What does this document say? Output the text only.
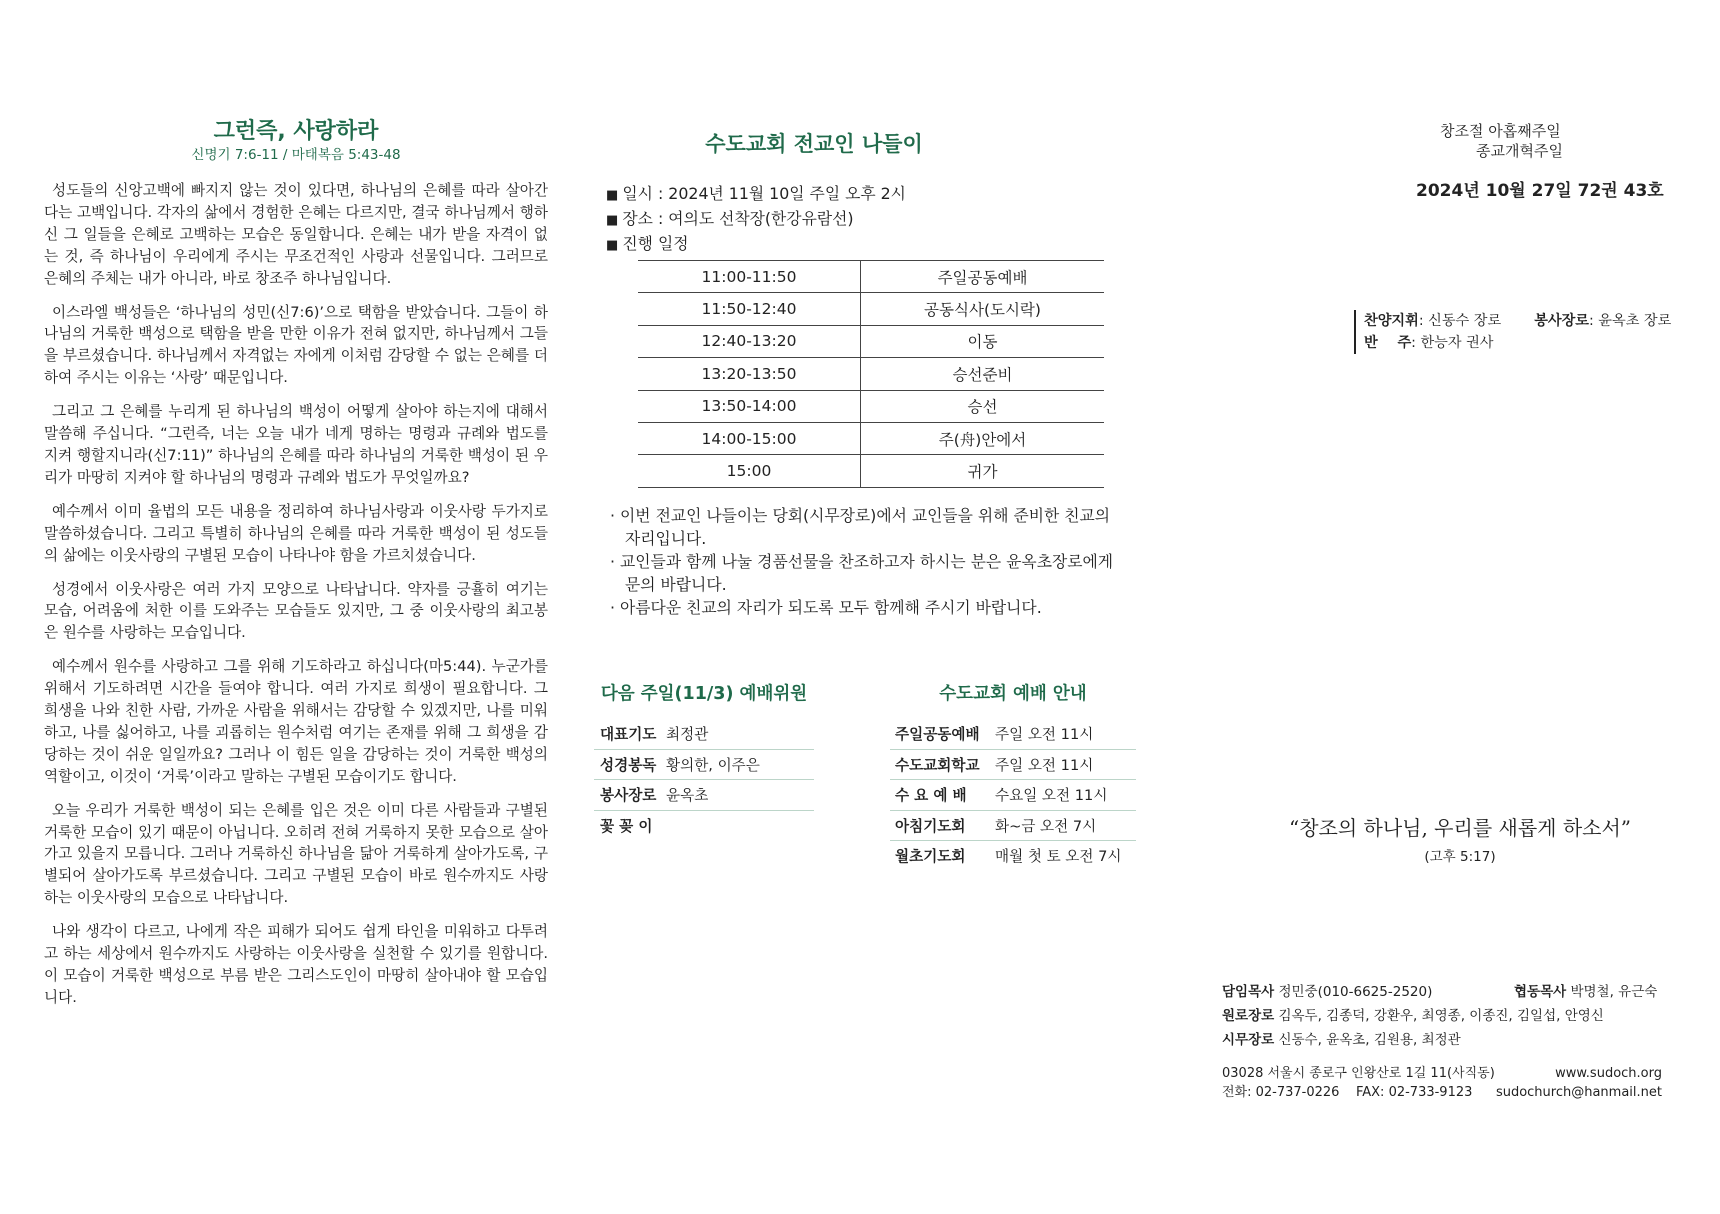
그런즉, 사랑하라
신명기 7:6-11 / 마태복음 5:43-48

성도들의 신앙고백에 빠지지 않는 것이 있다면, 하나님의 은혜를 따라 살아간다는 고백입니다. 각자의 삶에서 경험한 은혜는 다르지만, 결국 하나님께서 행하신 그 일들을 은혜로 고백하는 모습은 동일합니다. 은혜는 내가 받을 자격이 없는 것, 즉 하나님이 우리에게 주시는 무조건적인 사랑과 선물입니다. 그러므로 은혜의 주체는 내가 아니라, 바로 창조주 하나님입니다.

이스라엘 백성들은 ‘하나님의 성민(신7:6)’으로 택함을 받았습니다. 그들이 하나님의 거룩한 백성으로 택함을 받을 만한 이유가 전혀 없지만, 하나님께서 그들을 부르셨습니다. 하나님께서 자격없는 자에게 이처럼 감당할 수 없는 은혜를 더하여 주시는 이유는 ‘사랑’ 때문입니다.

그리고 그 은혜를 누리게 된 하나님의 백성이 어떻게 살아야 하는지에 대해서 말씀해 주십니다. “그런즉, 너는 오늘 내가 네게 명하는 명령과 규례와 법도를 지켜 행할지니라(신7:11)” 하나님의 은혜를 따라 하나님의 거룩한 백성이 된 우리가 마땅히 지켜야 할 하나님의 명령과 규례와 법도가 무엇일까요?

예수께서 이미 율법의 모든 내용을 정리하여 하나님사랑과 이웃사랑 두가지로 말씀하셨습니다. 그리고 특별히 하나님의 은혜를 따라 거룩한 백성이 된 성도들의 삶에는 이웃사랑의 구별된 모습이 나타나야 함을 가르치셨습니다.

성경에서 이웃사랑은 여러 가지 모양으로 나타납니다. 약자를 긍휼히 여기는 모습, 어려움에 처한 이를 도와주는 모습들도 있지만, 그 중 이웃사랑의 최고봉은 원수를 사랑하는 모습입니다.

예수께서 원수를 사랑하고 그를 위해 기도하라고 하십니다(마5:44). 누군가를 위해서 기도하려면 시간을 들여야 합니다. 여러 가지로 희생이 필요합니다. 그 희생을 나와 친한 사람, 가까운 사람을 위해서는 감당할 수 있겠지만, 나를 미워하고, 나를 싫어하고, 나를 괴롭히는 원수처럼 여기는 존재를 위해 그 희생을 감당하는 것이 쉬운 일일까요? 그러나 이 힘든 일을 감당하는 것이 거룩한 백성의 역할이고, 이것이 ‘거룩’이라고 말하는 구별된 모습이기도 합니다.

오늘 우리가 거룩한 백성이 되는 은혜를 입은 것은 이미 다른 사람들과 구별된 거룩한 모습이 있기 때문이 아닙니다. 오히려 전혀 거룩하지 못한 모습으로 살아가고 있을지 모릅니다. 그러나 거룩하신 하나님을 닮아 거룩하게 살아가도록, 구별되어 살아가도록 부르셨습니다. 그리고 구별된 모습이 바로 원수까지도 사랑하는 이웃사랑의 모습으로 나타납니다.

나와 생각이 다르고, 나에게 작은 피해가 되어도 쉽게 타인을 미워하고 다투려고 하는 세상에서 원수까지도 사랑하는 이웃사랑을 실천할 수 있기를 원합니다. 이 모습이 거룩한 백성으로 부름 받은 그리스도인이 마땅히 살아내야 할 모습입니다.

수도교회 전교인 나들이
■ 일시 : 2024년 11월 10일 주일 오후 2시
■ 장소 : 여의도 선착장(한강유람선)
■ 진행 일정
11:00-11:50	주일공동예배
11:50-12:40	공동식사(도시락)
12:40-13:20	이동
13:20-13:50	승선준비
13:50-14:00	승선
14:00-15:00	주(舟)안에서
15:00	귀가
· 이번 전교인 나들이는 당회(시무장로)에서 교인들을 위해 준비한 친교의 자리입니다.
· 교인들과 함께 나눌 경품선물을 찬조하고자 하시는 분은 윤옥초장로에게 문의 바랍니다.
· 아름다운 친교의 자리가 되도록 모두 함께해 주시기 바랍니다.
다음 주일(11/3) 예배위원
대표기도 최정관
성경봉독 황의한, 이주은
봉사장로 윤옥초
꽃 꽂 이
수도교회 예배 안내
주일공동예배	주일 오전 11시
수도교회학교	주일 오전 11시
수 요 예 배	수요일 오전 11시
아침기도회	화~금 오전 7시
월초기도회	매월 첫 토 오전 7시
창조절 아홉째주일
종교개혁주일
2024년 10월 27일 72권 43호
찬양지휘: 신동수 장로 봉사장로: 윤옥초 장로
반    주: 한능자 권사
“창조의 하나님, 우리를 새롭게 하소서”
(고후 5:17)
담임목사 정민중(010-6625-2520)	협동목사 박명철, 유근숙
원로장로 김옥두, 김종덕, 강환우, 최영종, 이종진, 김일섭, 안영신
시무장로 신동수, 윤옥초, 김원용, 최정관
03028 서울시 종로구 인왕산로 1길 11(사직동)	www.sudoch.org
전화: 02-737-0226    FAX: 02-733-9123 sudochurch@hanmail.net
